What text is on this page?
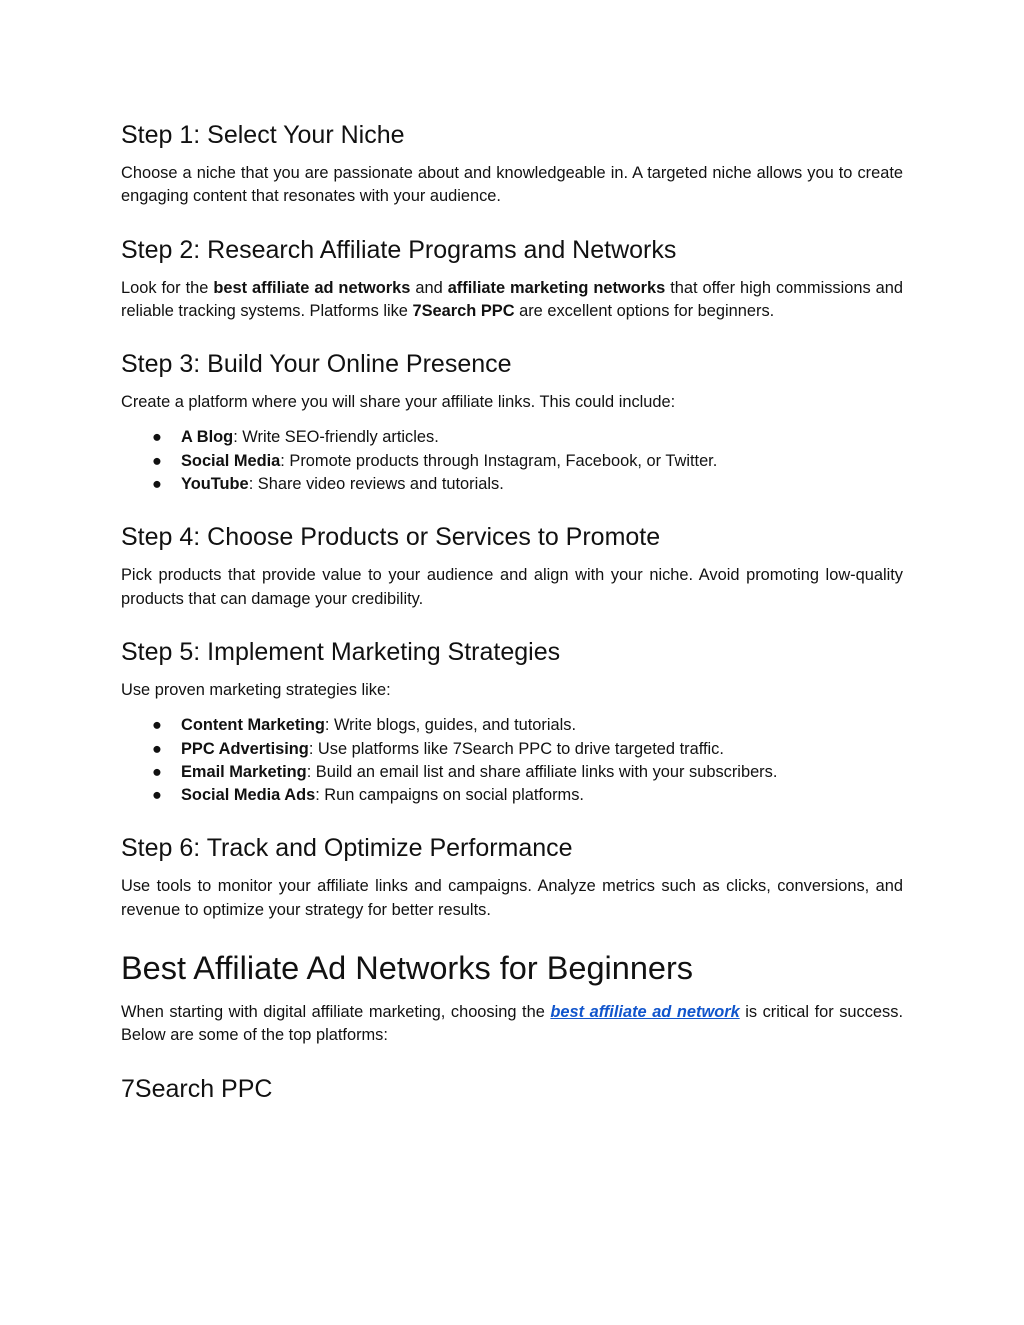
Step 1: Select Your Niche

Choose a niche that you are passionate about and knowledgeable in. A targeted niche allows you to create engaging content that resonates with your audience.

Step 2: Research Affiliate Programs and Networks

Look for the best affiliate ad networks and affiliate marketing networks that offer high commissions and reliable tracking systems. Platforms like 7Search PPC are excellent options for beginners.

Step 3: Build Your Online Presence

Create a platform where you will share your affiliate links. This could include:

● A Blog: Write SEO-friendly articles.
● Social Media: Promote products through Instagram, Facebook, or Twitter.
● YouTube: Share video reviews and tutorials.
Step 4: Choose Products or Services to Promote

Pick products that provide value to your audience and align with your niche. Avoid promoting low-quality products that can damage your credibility.

Step 5: Implement Marketing Strategies

Use proven marketing strategies like:

● Content Marketing: Write blogs, guides, and tutorials.
● PPC Advertising: Use platforms like 7Search PPC to drive targeted traffic.
● Email Marketing: Build an email list and share affiliate links with your subscribers.
● Social Media Ads: Run campaigns on social platforms.
Step 6: Track and Optimize Performance

Use tools to monitor your affiliate links and campaigns. Analyze metrics such as clicks, conversions, and revenue to optimize your strategy for better results.

Best Affiliate Ad Networks for Beginners

When starting with digital affiliate marketing, choosing the best affiliate ad network is critical for success. Below are some of the top platforms:

7Search PPC
